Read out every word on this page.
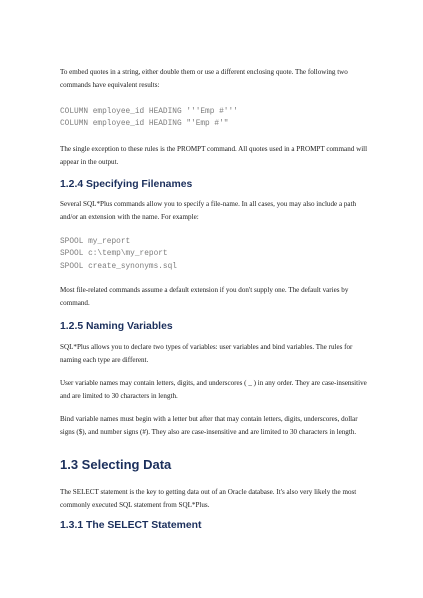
To embed quotes in a string, either double them or use a different enclosing quote. The following two commands have equivalent results:

COLUMN employee_id HEADING '''Emp #'''
COLUMN employee_id HEADING "'Emp #'"

The single exception to these rules is the PROMPT command. All quotes used in a PROMPT command will appear in the output.

1.2.4 Specifying Filenames

Several SQL*Plus commands allow you to specify a file-name. In all cases, you may also include a path and/or an extension with the name. For example:

SPOOL my_report
SPOOL c:\temp\my_report
SPOOL create_synonyms.sql

Most file-related commands assume a default extension if you don't supply one. The default varies by command.

1.2.5 Naming Variables

SQL*Plus allows you to declare two types of variables: user variables and bind variables. The rules for naming each type are different.

User variable names may contain letters, digits, and underscores ( _ ) in any order. They are case-insensitive and are limited to 30 characters in length.

Bind variable names must begin with a letter but after that may contain letters, digits, underscores, dollar signs ($), and number signs (#). They also are case-insensitive and are limited to 30 characters in length.

1.3 Selecting Data

The SELECT statement is the key to getting data out of an Oracle database. It's also very likely the most commonly executed SQL statement from SQL*Plus.

1.3.1 The SELECT Statement
